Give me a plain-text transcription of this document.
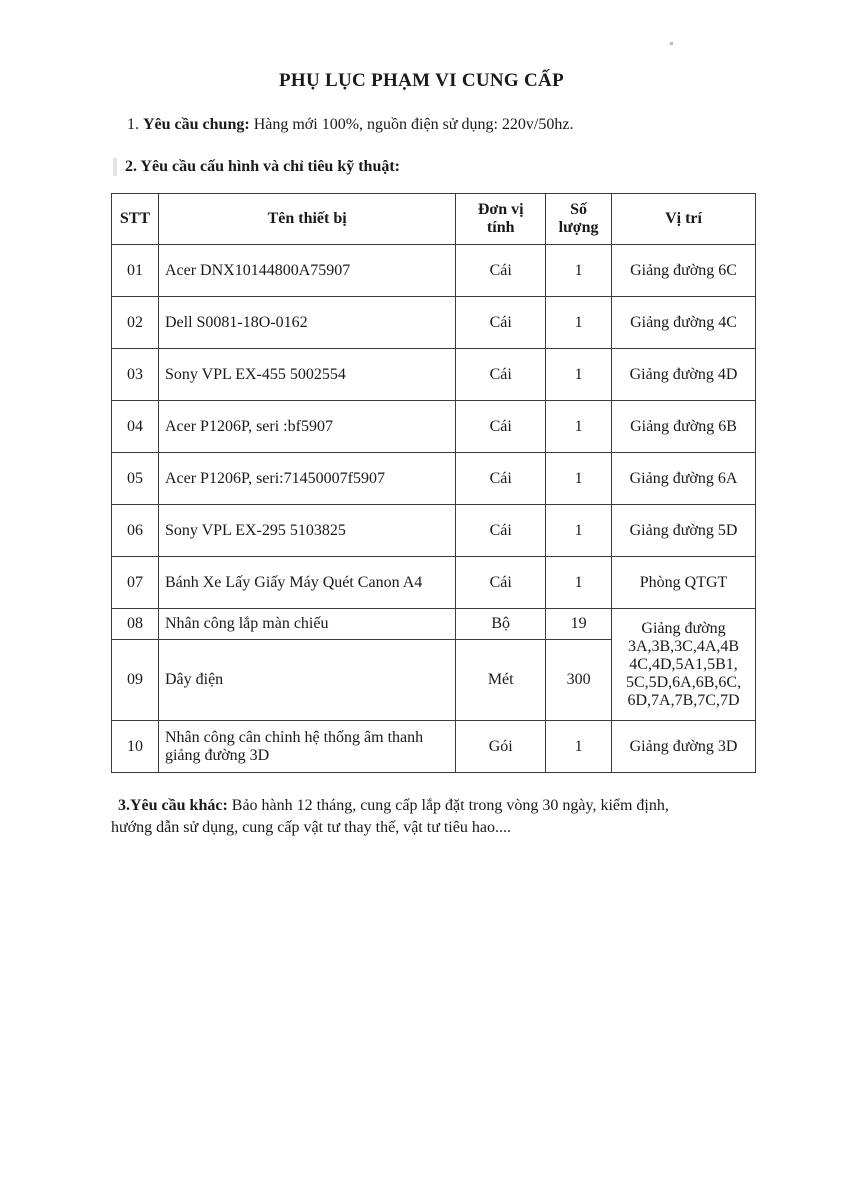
PHỤ LỤC PHẠM VI CUNG CẤP
1. Yêu cầu chung: Hàng mới 100%, nguồn điện sử dụng: 220v/50hz.
2. Yêu cầu cấu hình và chỉ tiêu kỹ thuật:
STT	Tên thiết bị	Đơn vị tính	Số lượng	Vị trí
01	Acer DNX10144800A75907	Cái	1	Giảng đường 6C
02	Dell S0081-18O-0162	Cái	1	Giảng đường 4C
03	Sony VPL EX-455 5002554	Cái	1	Giảng đường 4D
04	Acer P1206P, seri :bf5907	Cái	1	Giảng đường 6B
05	Acer P1206P, seri:71450007f5907	Cái	1	Giảng đường 6A
06	Sony VPL EX-295 5103825	Cái	1	Giảng đường 5D
07	Bánh Xe Lấy Giấy Máy Quét Canon A4	Cái	1	Phòng QTGT
08	Nhân công lắp màn chiếu	Bộ	19	Giảng đường 3A,3B,3C,4A,4B 4C,4D,5A1,5B1, 5C,5D,6A,6B,6C, 6D,7A,7B,7C,7D
09	Dây điện	Mét	300	
10	Nhân công cân chỉnh hệ thống âm thanh giảng đường 3D	Gói	1	Giảng đường 3D
3.Yêu cầu khác: Bảo hành 12 tháng, cung cấp lắp đặt trong vòng 30 ngày, kiểm định,
hướng dẫn sử dụng, cung cấp vật tư thay thế, vật tư tiêu hao....
